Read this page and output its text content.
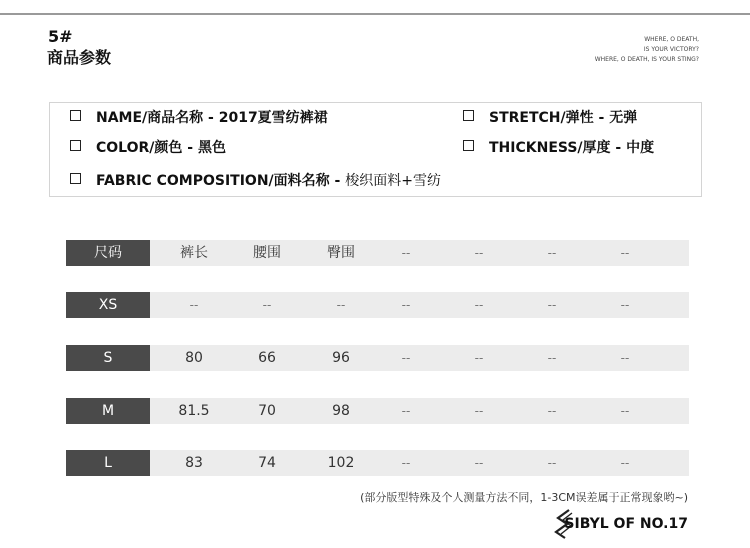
5#
商品参数
WHERE, O DEATH,
IS YOUR VICTORY?
WHERE, O DEATH, IS YOUR STING?
NAME/商品名称 - 2017夏雪纺裤裙	STRETCH/弹性 - 无弹
COLOR/颜色 - 黑色	THICKNESS/厚度 - 中度
FABRIC COMPOSITION/面料名称 - 梭织面料+雪纺
尺码	裤长	腰围	臀围	--	--	--	--
XS	--	--	--	--	--	--	--
S	80	66	96	--	--	--	--
M	81.5	70	98	--	--	--	--
L	83	74	102	--	--	--	--
(部分版型特殊及个人测量方法不同，1-3CM误差属于正常现象哟~)
SIBYL OF NO.17
